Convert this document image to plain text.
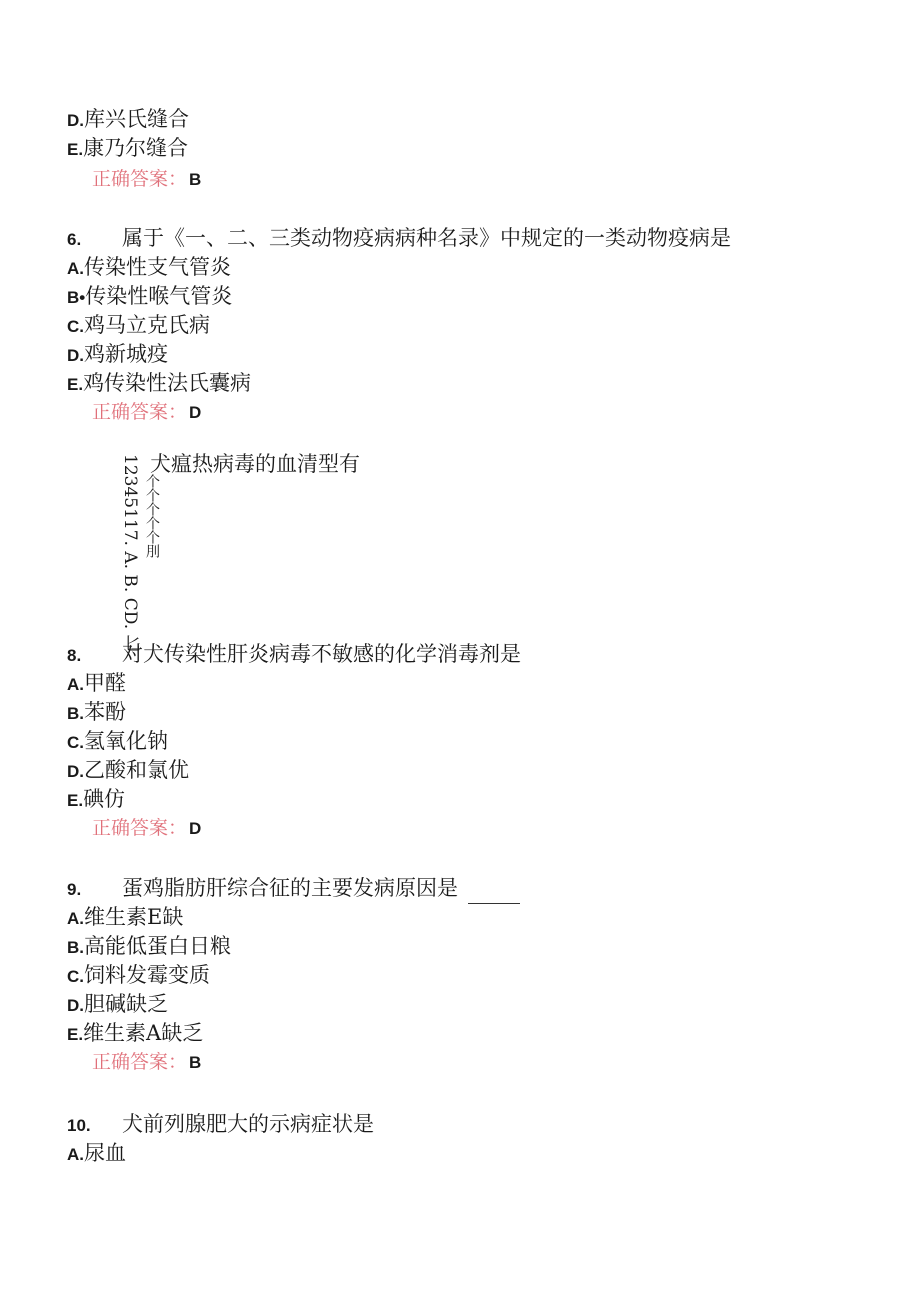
D.库兴氏缝合
E.康乃尔缝合
正确答案： B
6. 属于《一、二、三类动物疫病病种名录》中规定的一类动物疫病是
A.传染性支气管炎
B•传染性喉气管炎
C.鸡马立克氏病
D.鸡新城疫
E.鸡传染性法氏囊病
正确答案： D
犬瘟热病毒的血清型有
12345117. A. B. CD. 匕 个个个个个刖
8. 对犬传染性肝炎病毒不敏感的化学消毒剂是
A.甲醛
B.苯酚
C.氢氧化钠
D.乙酸和氯优
E.碘仿
正确答案： D
9. 蛋鸡脂肪肝综合征的主要发病原因是
A.维生素E缺
B.高能低蛋白日粮
C.饲料发霉变质
D.胆碱缺乏
E.维生素A缺乏
正确答案： B
10. 犬前列腺肥大的示病症状是
A.尿血
